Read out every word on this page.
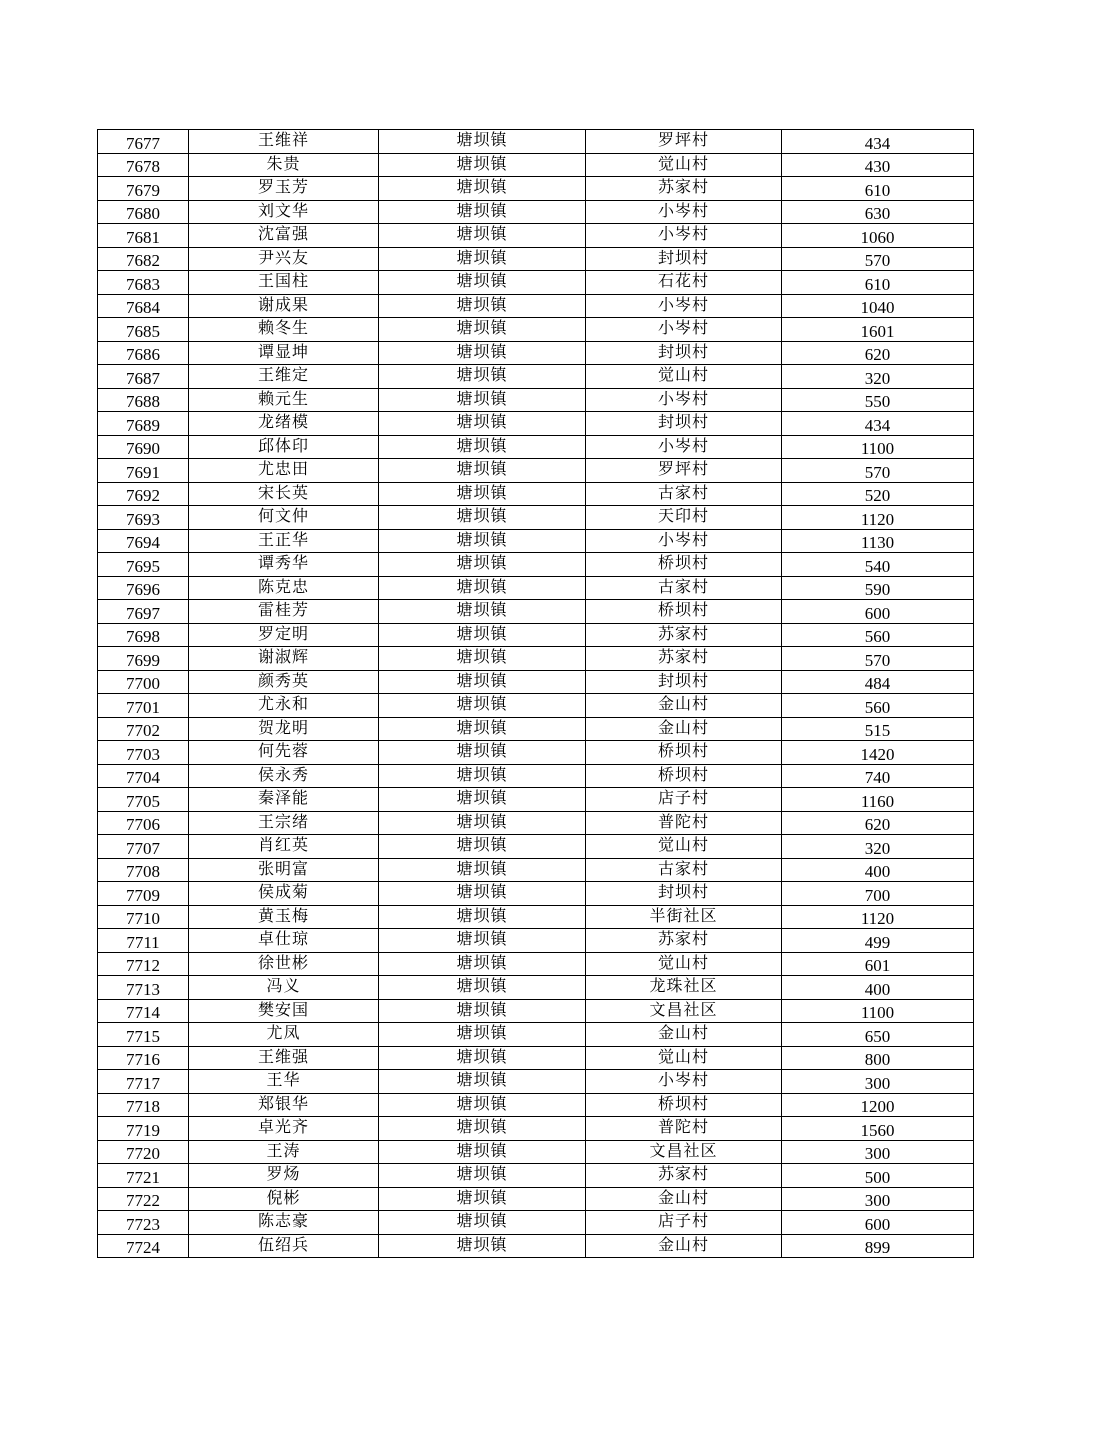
7677	王维祥	塘坝镇	罗坪村	434
7678	朱贵	塘坝镇	觉山村	430
7679	罗玉芳	塘坝镇	苏家村	610
7680	刘文华	塘坝镇	小岑村	630
7681	沈富强	塘坝镇	小岑村	1060
7682	尹兴友	塘坝镇	封坝村	570
7683	王国柱	塘坝镇	石花村	610
7684	谢成果	塘坝镇	小岑村	1040
7685	赖冬生	塘坝镇	小岑村	1601
7686	谭显坤	塘坝镇	封坝村	620
7687	王维定	塘坝镇	觉山村	320
7688	赖元生	塘坝镇	小岑村	550
7689	龙绪模	塘坝镇	封坝村	434
7690	邱体印	塘坝镇	小岑村	1100
7691	尤忠田	塘坝镇	罗坪村	570
7692	宋长英	塘坝镇	古家村	520
7693	何文仲	塘坝镇	天印村	1120
7694	王正华	塘坝镇	小岑村	1130
7695	谭秀华	塘坝镇	桥坝村	540
7696	陈克忠	塘坝镇	古家村	590
7697	雷桂芳	塘坝镇	桥坝村	600
7698	罗定明	塘坝镇	苏家村	560
7699	谢淑辉	塘坝镇	苏家村	570
7700	颜秀英	塘坝镇	封坝村	484
7701	尤永和	塘坝镇	金山村	560
7702	贺龙明	塘坝镇	金山村	515
7703	何先蓉	塘坝镇	桥坝村	1420
7704	侯永秀	塘坝镇	桥坝村	740
7705	秦泽能	塘坝镇	店子村	1160
7706	王宗绪	塘坝镇	普陀村	620
7707	肖红英	塘坝镇	觉山村	320
7708	张明富	塘坝镇	古家村	400
7709	侯成菊	塘坝镇	封坝村	700
7710	黄玉梅	塘坝镇	半街社区	1120
7711	卓仕琼	塘坝镇	苏家村	499
7712	徐世彬	塘坝镇	觉山村	601
7713	冯义	塘坝镇	龙珠社区	400
7714	樊安国	塘坝镇	文昌社区	1100
7715	尤凤	塘坝镇	金山村	650
7716	王维强	塘坝镇	觉山村	800
7717	王华	塘坝镇	小岑村	300
7718	郑银华	塘坝镇	桥坝村	1200
7719	卓光齐	塘坝镇	普陀村	1560
7720	王涛	塘坝镇	文昌社区	300
7721	罗炀	塘坝镇	苏家村	500
7722	倪彬	塘坝镇	金山村	300
7723	陈志豪	塘坝镇	店子村	600
7724	伍绍兵	塘坝镇	金山村	899
